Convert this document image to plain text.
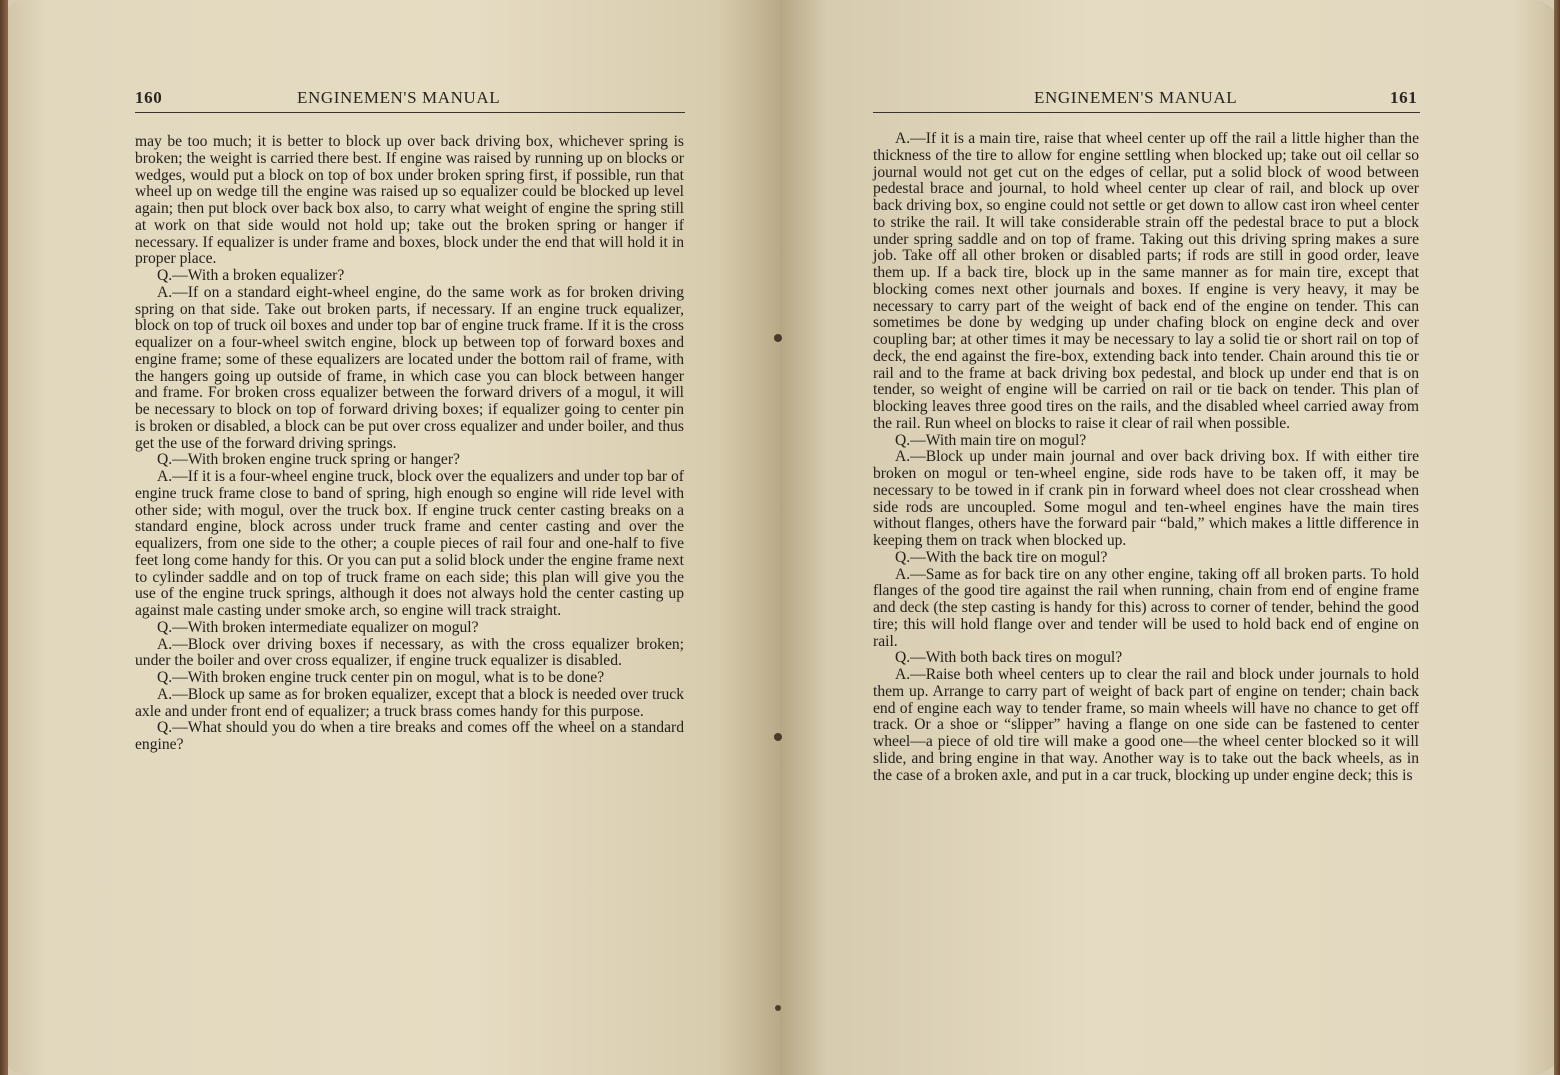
160	ENGINEMEN'S MANUAL

may be too much; it is better to block up over back driving box, whichever spring is broken; the weight is carried there best. If engine was raised by running up on blocks or wedges, would put a block on top of box under broken spring first, if possible, run that wheel up on wedge till the engine was raised up so equalizer could be blocked up level again; then put block over back box also, to carry what weight of engine the spring still at work on that side would not hold up; take out the broken spring or hanger if necessary. If equalizer is under frame and boxes, block under the end that will hold it in proper place.

Q.—With a broken equalizer?

A.—If on a standard eight-wheel engine, do the same work as for broken driving spring on that side. Take out broken parts, if necessary. If an engine truck equalizer, block on top of truck oil boxes and under top bar of engine truck frame. If it is the cross equalizer on a four-wheel switch engine, block up between top of forward boxes and engine frame; some of these equalizers are located under the bottom rail of frame, with the hangers going up outside of frame, in which case you can block between hanger and frame. For broken cross equalizer between the forward drivers of a mogul, it will be necessary to block on top of forward driving boxes; if equalizer going to center pin is broken or disabled, a block can be put over cross equalizer and under boiler, and thus get the use of the forward driving springs.

Q.—With broken engine truck spring or hanger?

A.—If it is a four-wheel engine truck, block over the equalizers and under top bar of engine truck frame close to band of spring, high enough so engine will ride level with other side; with mogul, over the truck box. If engine truck center casting breaks on a standard engine, block across under truck frame and center casting and over the equalizers, from one side to the other; a couple pieces of rail four and one-half to five feet long come handy for this. Or you can put a solid block under the engine frame next to cylinder saddle and on top of truck frame on each side; this plan will give you the use of the engine truck springs, although it does not always hold the center casting up against male casting under smoke arch, so engine will track straight.

Q.—With broken intermediate equalizer on mogul?

A.—Block over driving boxes if necessary, as with the cross equalizer broken; under the boiler and over cross equalizer, if engine truck equalizer is disabled.

Q.—With broken engine truck center pin on mogul, what is to be done?

A.—Block up same as for broken equalizer, except that a block is needed over truck axle and under front end of equalizer; a truck brass comes handy for this purpose.

Q.—What should you do when a tire breaks and comes off the wheel on a standard engine?

ENGINEMEN'S MANUAL	161

A.—If it is a main tire, raise that wheel center up off the rail a little higher than the thickness of the tire to allow for engine settling when blocked up; take out oil cellar so journal would not get cut on the edges of cellar, put a solid block of wood between pedestal brace and journal, to hold wheel center up clear of rail, and block up over back driving box, so engine could not settle or get down to allow cast iron wheel center to strike the rail. It will take considerable strain off the pedestal brace to put a block under spring saddle and on top of frame. Taking out this driving spring makes a sure job. Take off all other broken or disabled parts; if rods are still in good order, leave them up. If a back tire, block up in the same manner as for main tire, except that blocking comes next other journals and boxes. If engine is very heavy, it may be necessary to carry part of the weight of back end of the engine on tender. This can sometimes be done by wedging up under chafing block on engine deck and over coupling bar; at other times it may be necessary to lay a solid tie or short rail on top of deck, the end against the fire-box, extending back into tender. Chain around this tie or rail and to the frame at back driving box pedestal, and block up under end that is on tender, so weight of engine will be carried on rail or tie back on tender. This plan of blocking leaves three good tires on the rails, and the disabled wheel carried away from the rail. Run wheel on blocks to raise it clear of rail when possible.

Q.—With main tire on mogul?

A.—Block up under main journal and over back driving box. If with either tire broken on mogul or ten-wheel engine, side rods have to be taken off, it may be necessary to be towed in if crank pin in forward wheel does not clear crosshead when side rods are uncoupled. Some mogul and ten-wheel engines have the main tires without flanges, others have the forward pair “bald,” which makes a little difference in keeping them on track when blocked up.

Q.—With the back tire on mogul?

A.—Same as for back tire on any other engine, taking off all broken parts. To hold flanges of the good tire against the rail when running, chain from end of engine frame and deck (the step casting is handy for this) across to corner of tender, behind the good tire; this will hold flange over and tender will be used to hold back end of engine on rail.

Q.—With both back tires on mogul?

A.—Raise both wheel centers up to clear the rail and block under journals to hold them up. Arrange to carry part of weight of back part of engine on tender; chain back end of engine each way to tender frame, so main wheels will have no chance to get off track. Or a shoe or “slipper” having a flange on one side can be fastened to center wheel—a piece of old tire will make a good one—the wheel center blocked so it will slide, and bring engine in that way. Another way is to take out the back wheels, as in the case of a broken axle, and put in a car truck, blocking up under engine deck; this is
